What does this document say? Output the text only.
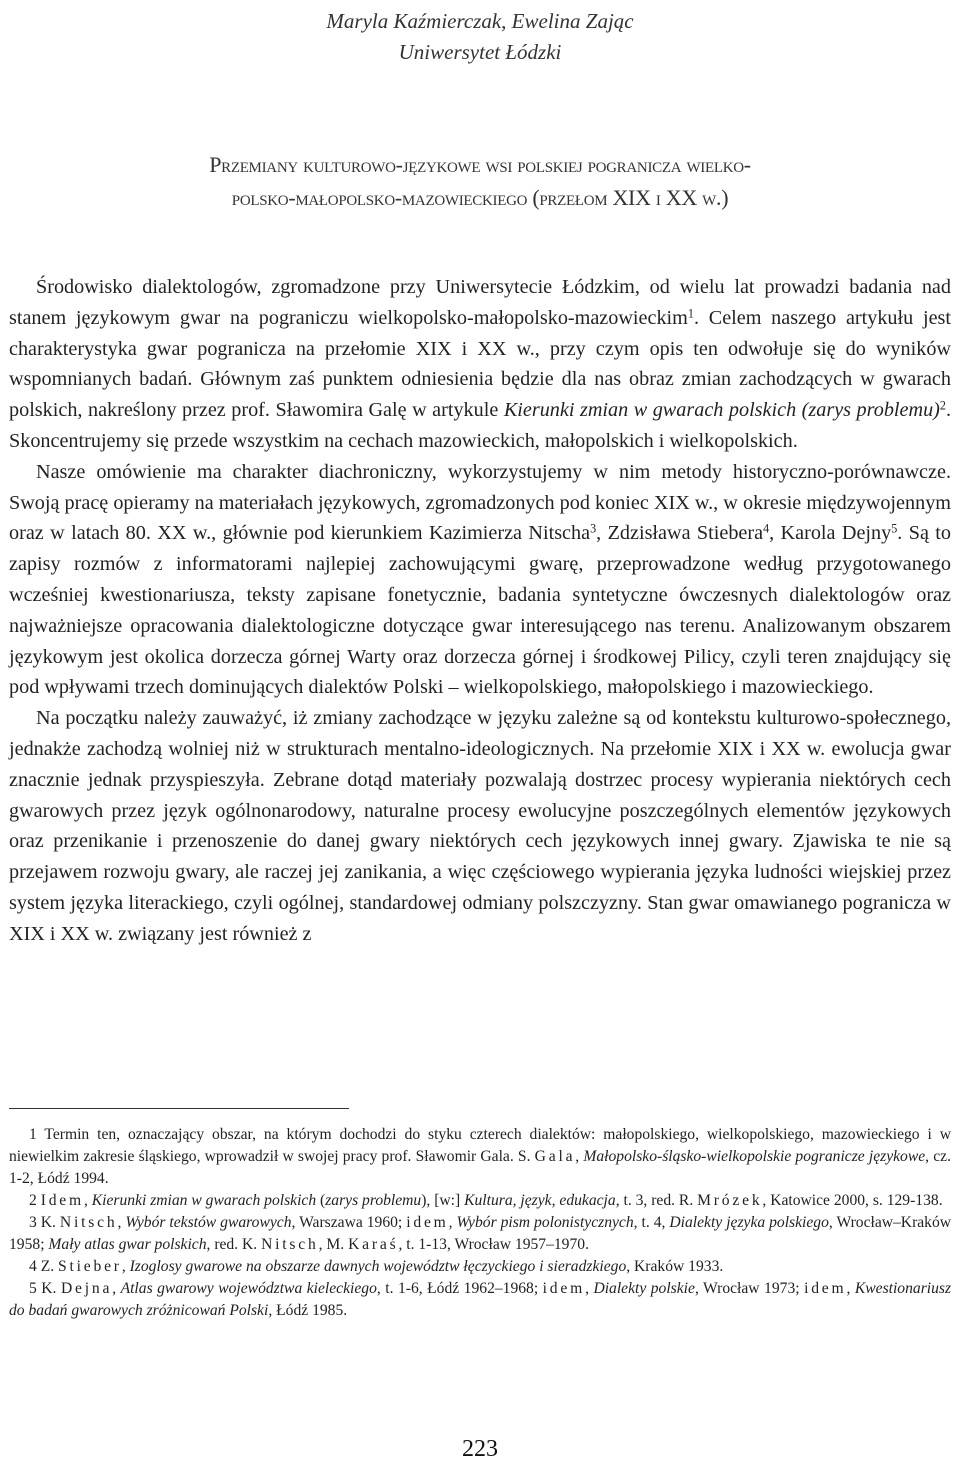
Maryla Kaźmierczak, Ewelina Zając
Uniwersytet Łódzki
Przemiany kulturowo-językowe wsi polskiej pogranicza wielko-
polsko-małopolsko-mazowieckiego (przełom XIX i XX w.)

Środowisko dialektologów, zgromadzone przy Uniwersytecie Łódzkim, od wielu lat prowadzi badania nad stanem językowym gwar na pograniczu wielkopolsko-małopolsko-mazowieckim$^1$. Celem naszego artykułu jest charakterystyka gwar pogranicza na przełomie XIX i XX w., przy czym opis ten odwołuje się do wyników wspomnianych badań. Głównym zaś punktem odniesienia będzie dla nas obraz zmian zachodzących w gwarach polskich, nakreślony przez prof. Sławomira Galę w artykule Kierunki zmian w gwarach polskich (zarys problemu)$^2$. Skoncentrujemy się przede wszystkim na cechach mazowieckich, małopolskich i wielkopolskich.

Nasze omówienie ma charakter diachroniczny, wykorzystujemy w nim metody historyczno-porównawcze. Swoją pracę opieramy na materiałach językowych, zgromadzonych pod koniec XIX w., w okresie międzywojennym oraz w latach 80. XX w., głównie pod kierunkiem Kazimierza Nitscha$^3$, Zdzisława Stiebera$^4$, Karola Dejny$^5$. Są to zapisy rozmów z informatorami najlepiej zachowującymi gwarę, przeprowadzone według przygotowanego wcześniej kwestionariusza, teksty zapisane fonetycznie, badania syntetyczne ówczesnych dialektologów oraz najważniejsze opracowania dialektologiczne dotyczące gwar interesującego nas terenu. Analizowanym obszarem językowym jest okolica dorzecza górnej Warty oraz dorzecza górnej i środkowej Pilicy, czyli teren znajdujący się pod wpływami trzech dominujących dialektów Polski – wielkopolskiego, małopolskiego i mazowieckiego.

Na początku należy zauważyć, iż zmiany zachodzące w języku zależne są od kontekstu kulturowo-społecznego, jednakże zachodzą wolniej niż w strukturach mentalno-ideologicznych. Na przełomie XIX i XX w. ewolucja gwar znacznie jednak przyspieszyła. Zebrane dotąd materiały pozwalają dostrzec procesy wypierania niektórych cech gwarowych przez język ogólnonarodowy, naturalne procesy ewolucyjne poszczególnych elementów językowych oraz przenikanie i przenoszenie do danej gwary niektórych cech językowych innej gwary. Zjawiska te nie są przejawem rozwoju gwary, ale raczej jej zanikania, a więc częściowego wypierania języka ludności wiejskiej przez system języka literackiego, czyli ogólnej, standardowej odmiany polszczyzny. Stan gwar omawianego pogranicza w XIX i XX w. związany jest również z

1 Termin ten, oznaczający obszar, na którym dochodzi do styku czterech dialektów: małopolskiego, wielkopolskiego, mazowieckiego i w niewielkim zakresie śląskiego, wprowadził w swojej pracy prof. Sławomir Gala. S. Gala, Małopolsko-śląsko-wielkopolskie pogranicze językowe, cz. 1-2, Łódź 1994.

2 Idem, Kierunki zmian w gwarach polskich (zarys problemu), [w:] Kultura, język, edukacja, t. 3, red. R. Mrózek, Katowice 2000, s. 129-138.

3 K. Nitsch, Wybór tekstów gwarowych, Warszawa 1960; idem, Wybór pism polonistycznych, t. 4, Dialekty języka polskiego, Wrocław–Kraków 1958; Mały atlas gwar polskich, red. K. Nitsch, M. Karaś, t. 1-13, Wrocław 1957–1970.

4 Z. Stieber, Izoglosy gwarowe na obszarze dawnych województw łęczyckiego i sieradzkiego, Kraków 1933.

5 K. Dejna, Atlas gwarowy województwa kieleckiego, t. 1-6, Łódź 1962–1968; idem, Dialekty polskie, Wrocław 1973; idem, Kwestionariusz do badań gwarowych zróżnicowań Polski, Łódź 1985.

223
